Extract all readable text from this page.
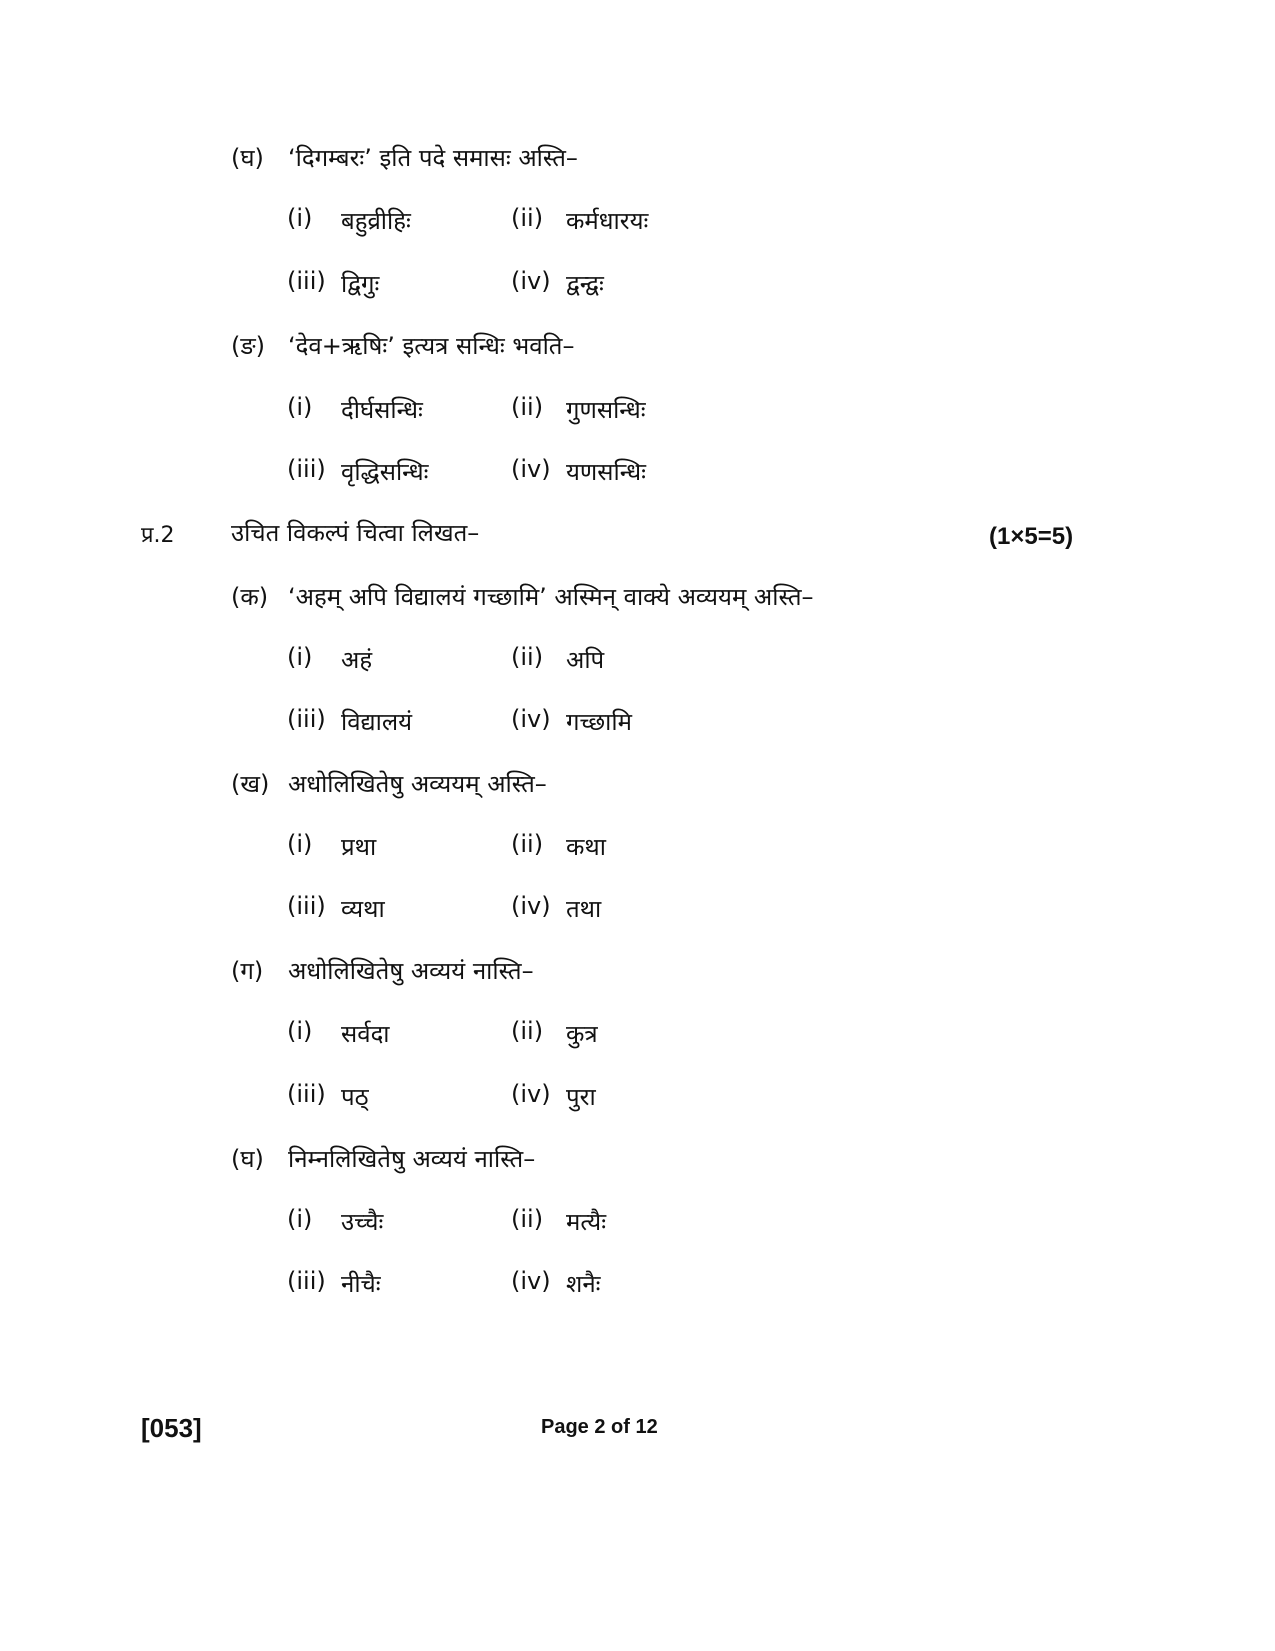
(घ) ‘दिगम्बरः’ इति पदे समासः अस्ति–
(i) बहुव्रीहिः	(ii) कर्मधारयः
(iii) द्विगुः	(iv) द्वन्द्वः
(ङ) ‘देव+ऋषिः’ इत्यत्र सन्धिः भवति–
(i) दीर्घसन्धिः	(ii) गुणसन्धिः
(iii) वृद्धिसन्धिः	(iv) यणसन्धिः
प्र.2 उचित विकल्पं चित्वा लिखत–	(1×5=5)
(क) ‘अहम् अपि विद्यालयं गच्छामि’ अस्मिन् वाक्ये अव्ययम् अस्ति–
(i) अहं	(ii) अपि
(iii) विद्यालयं	(iv) गच्छामि
(ख) अधोलिखितेषु अव्ययम् अस्ति–
(i) प्रथा	(ii) कथा
(iii) व्यथा	(iv) तथा
(ग) अधोलिखितेषु अव्ययं नास्ति–
(i) सर्वदा	(ii) कुत्र
(iii) पठ्	(iv) पुरा
(घ) निम्नलिखितेषु अव्ययं नास्ति–
(i) उच्चैः	(ii) मत्यैः
(iii) नीचैः	(iv) शनैः
[053]	Page 2 of 12
